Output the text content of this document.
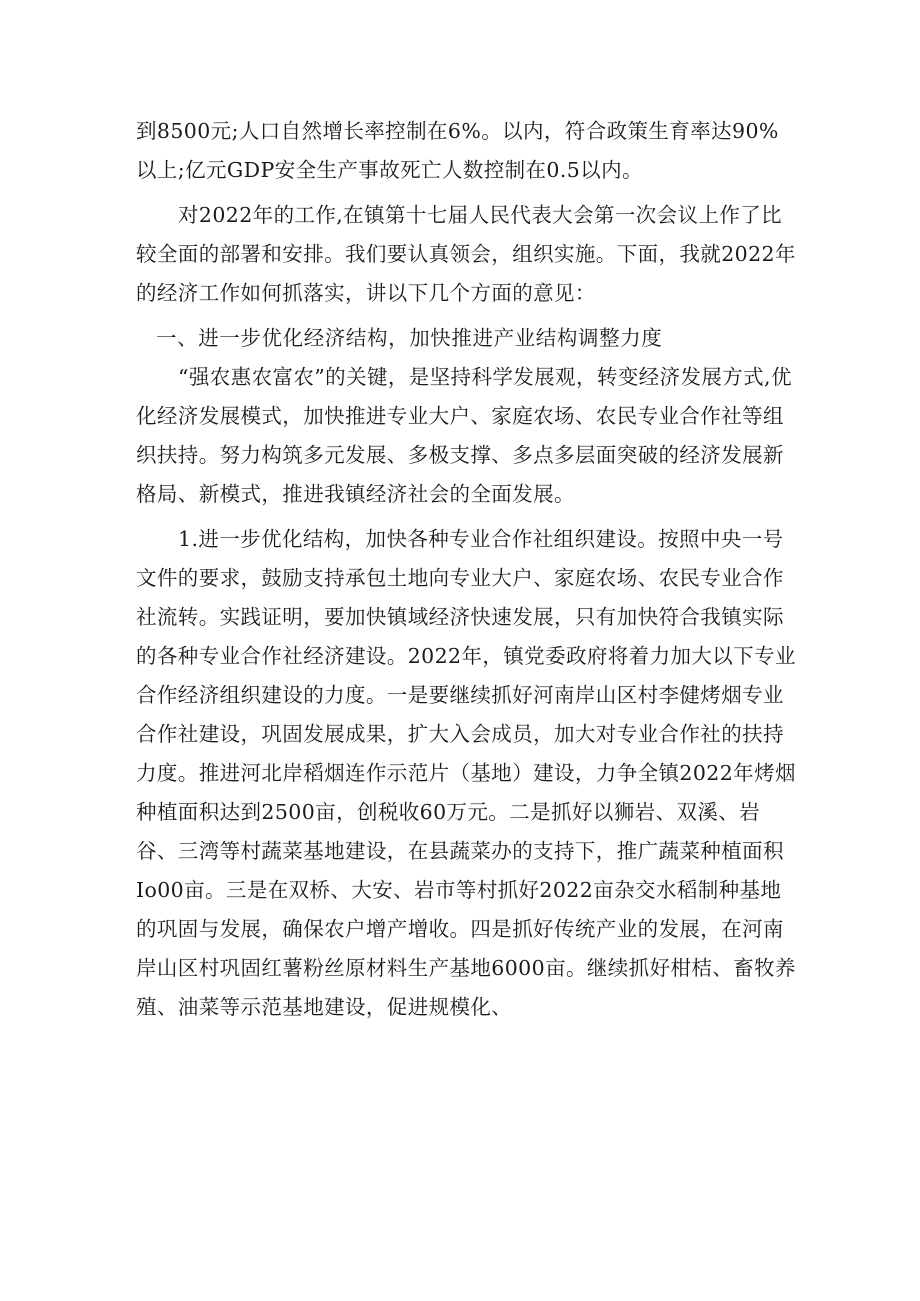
到8500元;人口自然增长率控制在6%。以内，符合政策生育率达90%以上;亿元GDP安全生产事故死亡人数控制在0.5以内。

对2022年的工作,在镇第十七届人民代表大会第一次会议上作了比较全面的部署和安排。我们要认真领会，组织实施。下面，我就2022年的经济工作如何抓落实，讲以下几个方面的意见：

一、进一步优化经济结构，加快推进产业结构调整力度

“强农惠农富农”的关键，是坚持科学发展观，转变经济发展方式,优化经济发展模式，加快推进专业大户、家庭农场、农民专业合作社等组织扶持。努力构筑多元发展、多极支撑、多点多层面突破的经济发展新格局、新模式，推进我镇经济社会的全面发展。

1.进一步优化结构，加快各种专业合作社组织建设。按照中央一号文件的要求，鼓励支持承包土地向专业大户、家庭农场、农民专业合作社流转。实践证明，要加快镇域经济快速发展，只有加快符合我镇实际的各种专业合作社经济建设。2022年，镇党委政府将着力加大以下专业合作经济组织建设的力度。一是要继续抓好河南岸山区村李健烤烟专业合作社建设，巩固发展成果，扩大入会成员，加大对专业合作社的扶持力度。推进河北岸稻烟连作示范片（基地）建设，力争全镇2022年烤烟种植面积达到2500亩，创税收60万元。二是抓好以狮岩、双溪、岩谷、三湾等村蔬菜基地建设，在县蔬菜办的支持下，推广蔬菜种植面积Io00亩。三是在双桥、大安、岩市等村抓好2022亩杂交水稻制种基地的巩固与发展，确保农户增产增收。四是抓好传统产业的发展，在河南岸山区村巩固红薯粉丝原材料生产基地6000亩。继续抓好柑桔、畜牧养殖、油菜等示范基地建设，促进规模化、
